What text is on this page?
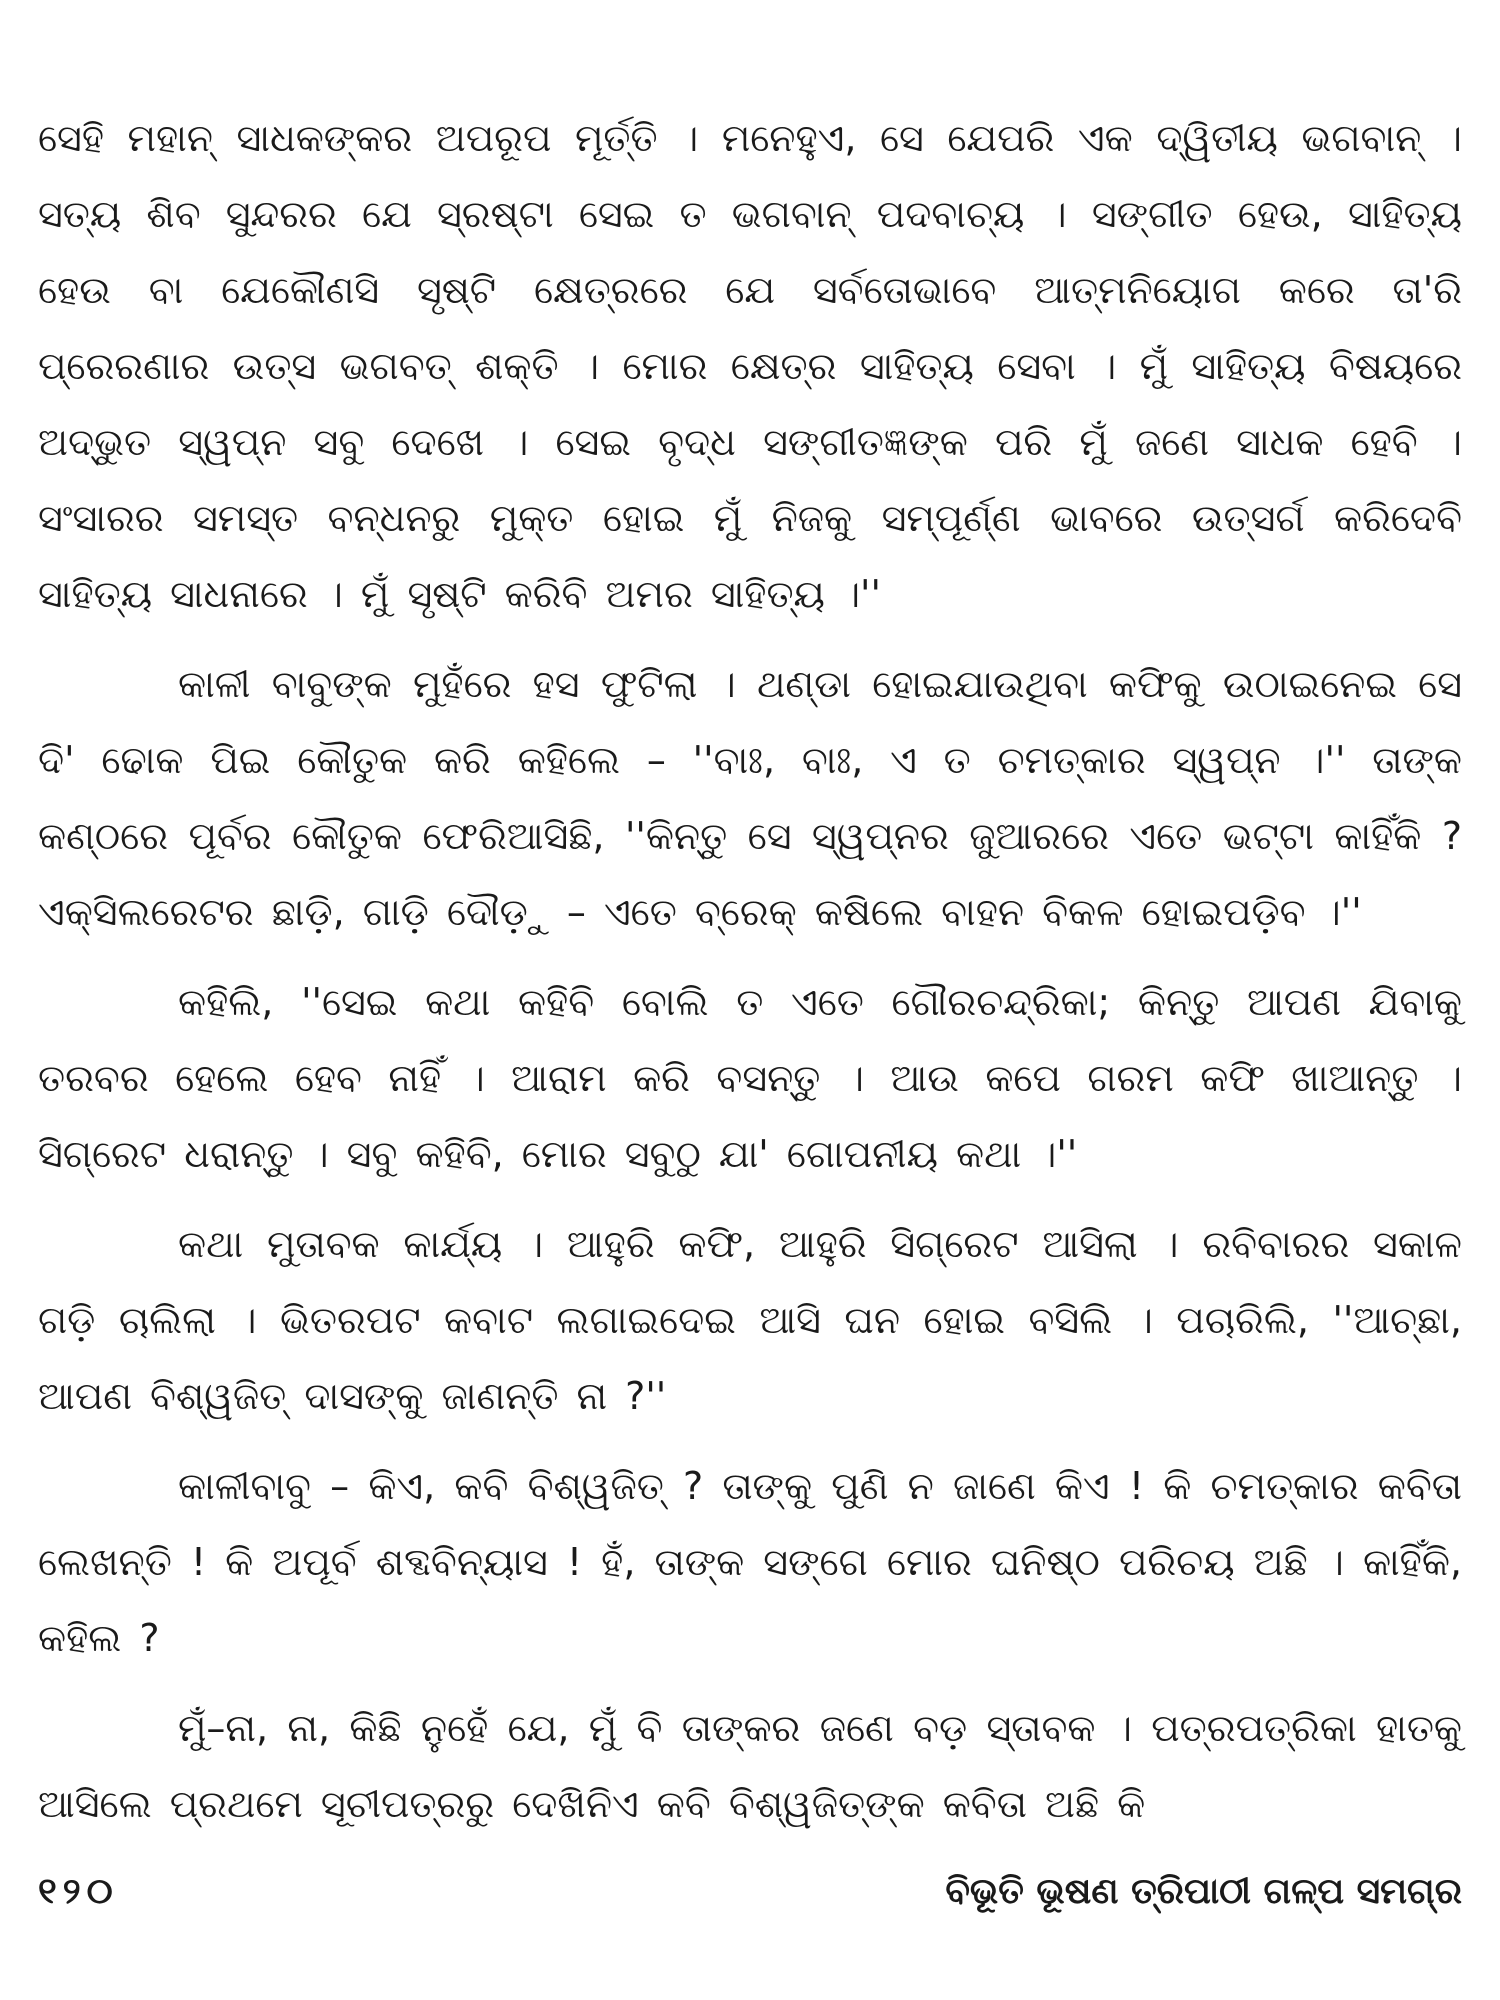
ସେହି ମହାନ୍ ସାଧକଙ୍କର ଅପରୂପ ମୂର୍ତ୍ତି । ମନେହୁଏ, ସେ ଯେପରି ଏକ ଦ୍ୱିତୀୟ ଭଗବାନ୍ । ସତ୍ୟ ଶିବ ସୁନ୍ଦରର ଯେ ସ୍ରଷ୍ଟା ସେଇ ତ ଭଗବାନ୍ ପଦବାଚ୍ୟ । ସଙ୍ଗୀତ ହେଉ, ସାହିତ୍ୟ ହେଉ ବା ଯେକୌଣସି ସୃଷ୍ଟି କ୍ଷେତ୍ରରେ ଯେ ସର୍ବତୋଭାବେ ଆତ୍ମନିୟୋଗ କରେ ତା'ରି ପ୍ରେରଣାର ଉତ୍ସ ଭଗବତ୍ ଶକ୍ତି । ମୋର କ୍ଷେତ୍ର ସାହିତ୍ୟ ସେବା । ମୁଁ ସାହିତ୍ୟ ବିଷୟରେ ଅଦ୍ଭୁତ ସ୍ୱପ୍ନ ସବୁ ଦେଖେ । ସେଇ ବୃଦ୍ଧ ସଙ୍ଗୀତଜ୍ଞଙ୍କ ପରି ମୁଁ ଜଣେ ସାଧକ ହେବି । ସଂସାରର ସମସ୍ତ ବନ୍ଧନରୁ ମୁକ୍ତ ହୋଇ ମୁଁ ନିଜକୁ ସମ୍ପୂର୍ଣ୍ଣ ଭାବରେ ଉତ୍ସର୍ଗ କରିଦେବି ସାହିତ୍ୟ ସାଧନାରେ । ମୁଁ ସୃଷ୍ଟି କରିବି ଅମର ସାହିତ୍ୟ ।''

କାଳୀ ବାବୁଙ୍କ ମୁହଁରେ ହସ ଫୁଟିଲା । ଥଣ୍ଡା ହୋଇଯାଉଥିବା କଫିକୁ ଉଠାଇନେଇ ସେ ଦି' ଢୋକ ପିଇ କୌତୁକ କରି କହିଲେ – ''ବାଃ, ବାଃ, ଏ ତ ଚମତ୍କାର ସ୍ୱପ୍ନ ।'' ତାଙ୍କ କଣ୍ଠରେ ପୂର୍ବର କୌତୁକ ଫେରିଆସିଛି, ''କିନ୍ତୁ ସେ ସ୍ୱପ୍ନର ଜୁଆରରେ ଏତେ ଭଟ୍ଟା କାହିଁକି ? ଏକ୍ସିଲରେଟର ଛାଡ଼ି, ଗାଡ଼ି ଦୌଡ଼ୁ – ଏତେ ବ୍ରେକ୍ କଷିଲେ ବାହନ ବିକଳ ହୋଇପଡ଼ିବ ।''

କହିଲି, ''ସେଇ କଥା କହିବି ବୋଲି ତ ଏତେ ଗୌରଚନ୍ଦ୍ରିକା; କିନ୍ତୁ ଆପଣ ଯିବାକୁ ତରବର ହେଲେ ହେବ ନାହିଁ । ଆରାମ କରି ବସନ୍ତୁ । ଆଉ କପେ ଗରମ କଫି ଖାଆନ୍ତୁ । ସିଗ୍ରେଟ ଧରାନ୍ତୁ । ସବୁ କହିବି, ମୋର ସବୁଠୁ ଯା' ଗୋପନୀୟ କଥା ।''

କଥା ମୁତାବକ କାର୍ଯ୍ୟ । ଆହୁରି କଫି, ଆହୁରି ସିଗ୍ରେଟ ଆସିଲା । ରବିବାରର ସକାଳ ଗଡ଼ି ଚାଲିଲା । ଭିତରପଟ କବାଟ ଲଗାଇଦେଇ ଆସି ଘନ ହୋଇ ବସିଲି । ପଚାରିଲି, ''ଆଚ୍ଛା, ଆପଣ ବିଶ୍ୱଜିତ୍ ଦାସଙ୍କୁ ଜାଣନ୍ତି ନା ?''

କାଳୀବାବୁ – କିଏ, କବି ବିଶ୍ୱଜିତ୍ ? ତାଙ୍କୁ ପୁଣି ନ ଜାଣେ କିଏ ! କି ଚମତ୍କାର କବିତା ଲେଖନ୍ତି ! କି ଅପୂର୍ବ ଶବ୍ଦବିନ୍ୟାସ ! ହଁ, ତାଙ୍କ ସଙ୍ଗେ ମୋର ଘନିଷ୍ଠ ପରିଚୟ ଅଛି । କାହିଁକି, କହିଲ ?

ମୁଁ–ନା, ନା, କିଛି ନୁହେଁ ଯେ, ମୁଁ ବି ତାଙ୍କର ଜଣେ ବଡ଼ ସ୍ତାବକ । ପତ୍ରପତ୍ରିକା ହାତକୁ ଆସିଲେ ପ୍ରଥମେ ସୂଚୀପତ୍ରରୁ ଦେଖିନିଏ କବି ବିଶ୍ୱଜିତ୍‌ଙ୍କ କବିତା ଅଛି କି

୧୨୦	ବିଭୂତି ଭୂଷଣ ତ୍ରିପାଠୀ ଗଳ୍ପ ସମଗ୍ର
